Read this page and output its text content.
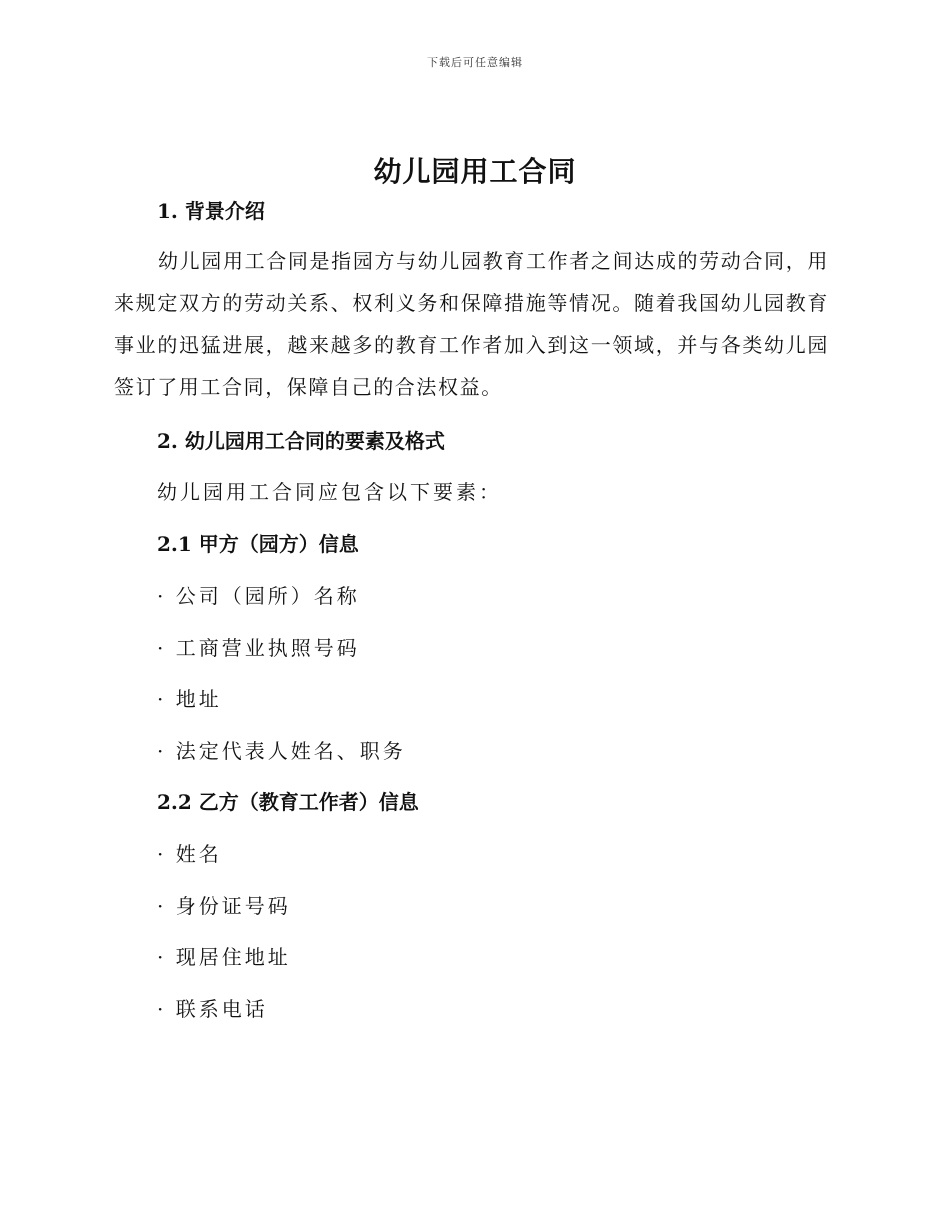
下载后可任意编辑
幼儿园用工合同
1. 背景介绍

幼儿园用工合同是指园方与幼儿园教育工作者之间达成的劳动合同，用来规定双方的劳动关系、权利义务和保障措施等情况。随着我国幼儿园教育事业的迅猛进展，越来越多的教育工作者加入到这一领域，并与各类幼儿园签订了用工合同，保障自己的合法权益。

2. 幼儿园用工合同的要素及格式
幼儿园用工合同应包含以下要素：
2.1 甲方（园方）信息
· 公司（园所）名称
· 工商营业执照号码
· 地址
· 法定代表人姓名、职务
2.2 乙方（教育工作者）信息
· 姓名
· 身份证号码
· 现居住地址
· 联系电话
